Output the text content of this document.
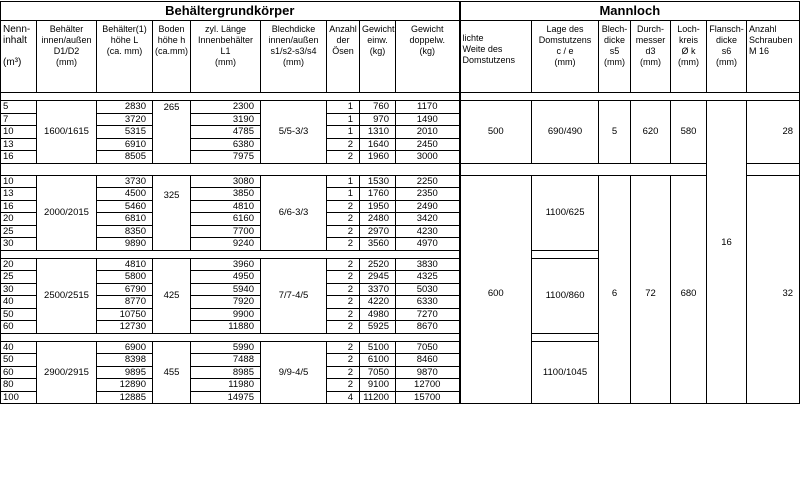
Behältergrundkörper									Mannloch						
Nenn-
inhalt

(m³)	Behälter
innen/außen
D1/D2
(mm)	Behälter(1)
höhe L
(ca. mm)	Boden
höhe h
(ca.mm)	zyl. Länge
Innenbehälter
L1
(mm)	Blechdicke
innen/außen
s1/s2-s3/s4
(mm)	Anzahl
der
Ösen	Gewicht
einw.
(kg)	Gewicht
doppelw.
(kg)	lichte
Weite des
Domstutzens	Lage des
Domstutzens
c / e
(mm)	Blech-
dicke
s5
(mm)	Durch-
messer
d3
(mm)	Loch-
kreis
Ø k
(mm)	Flansch-
dicke
s6
(mm)	Anzahl
Schrauben
M 16

5	1600/1615	2830	265	2300	5/5-3/3	1	760	1170	500	690/490	5	620	580		28
7		3720		3190		1	970	1490							
10		5315		4785		1	1310	2010							
13		6910		6380		2	1640	2450							
16		8505		7975		2	1960	3000							

10	2000/2015	3730	325	3080	6/6-3/3	1	1530	2250		1100/625				16	
13		4500		3850		1	1760	2350							
16		5460		4810		2	1950	2490							
20		6810		6160		2	2480	3420							
25		8350		7700		2	2970	4230							
30		9890		9240		2	3560	4970							

20	2500/2515	4810	425	3960	7/7-4/5	2	2520	3830	600	1100/860	6	72	680		32
25		5800		4950		2	2945	4325							
30		6790		5940		2	3370	5030							
40		8770		7920		2	4220	6330							
50		10750		9900		2	4980	7270							
60		12730		11880		2	5925	8670							

40	2900/2915	6900	455	5990	9/9-4/5	2	5100	7050		1100/1045					
50		8398		7488		2	6100	8460							
60		9895		8985		2	7050	9870							
80		12890		11980		2	9100	12700							
100		12885		14975		4	11200	15700							
